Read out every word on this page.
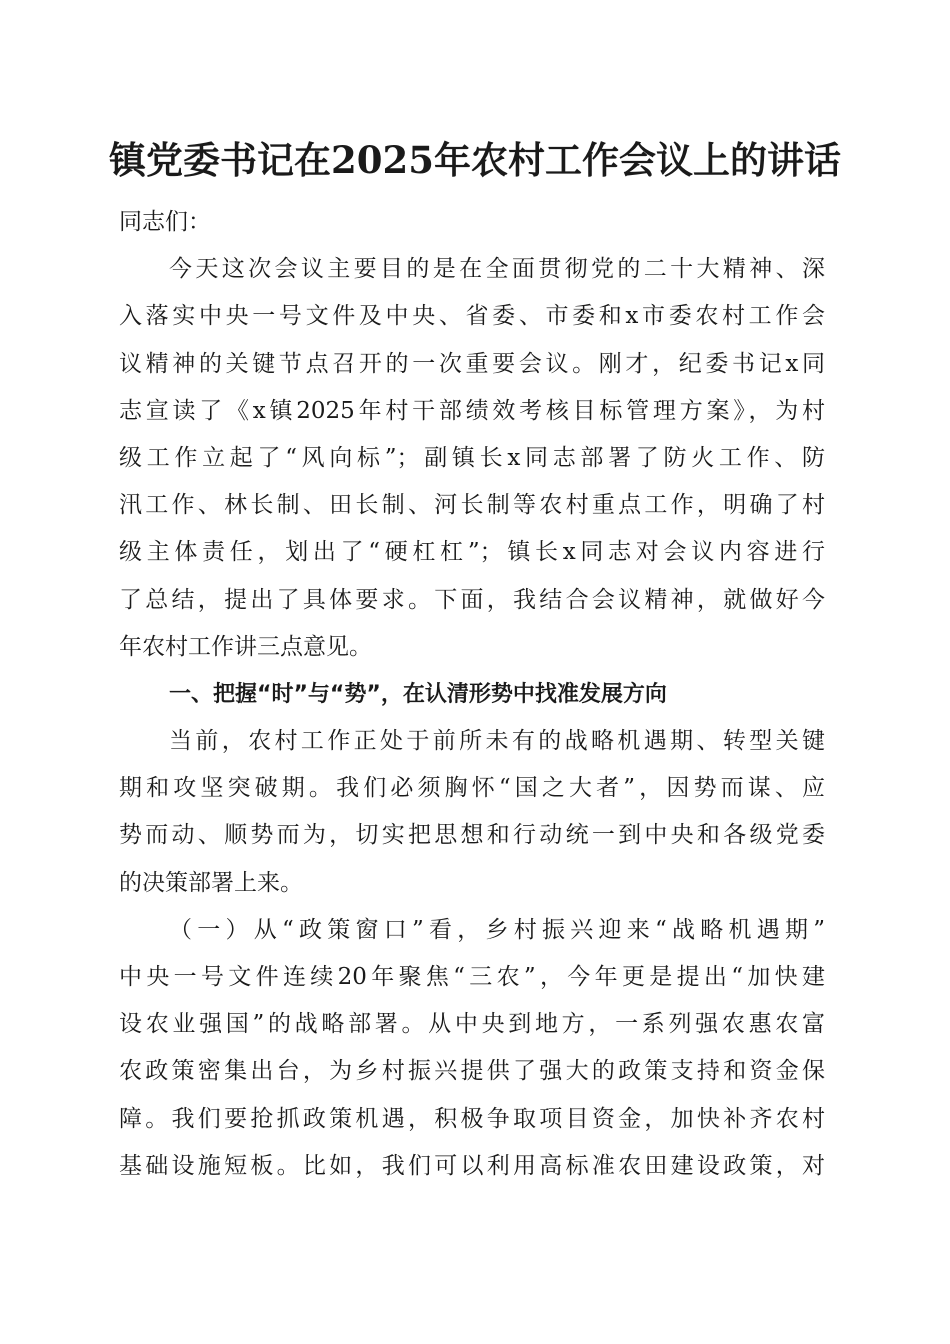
镇党委书记在2025年农村工作会议上的讲话
同志们：
今天这次会议主要目的是在全面贯彻党的二十大精神、深
入落实中央一号文件及中央、省委、市委和x市委农村工作会
议精神的关键节点召开的一次重要会议。刚才，纪委书记x同
志宣读了《x镇2025年村干部绩效考核目标管理方案》，为村
级工作立起了“风向标”；副镇长x同志部署了防火工作、防
汛工作、林长制、田长制、河长制等农村重点工作，明确了村
级主体责任，划出了“硬杠杠”；镇长x同志对会议内容进行
了总结，提出了具体要求。下面，我结合会议精神，就做好今
年农村工作讲三点意见。
一、把握“时”与“势”，在认清形势中找准发展方向
当前，农村工作正处于前所未有的战略机遇期、转型关键
期和攻坚突破期。我们必须胸怀“国之大者”，因势而谋、应
势而动、顺势而为，切实把思想和行动统一到中央和各级党委
的决策部署上来。
（一）从“政策窗口”看，乡村振兴迎来“战略机遇期”
中央一号文件连续20年聚焦“三农”，今年更是提出“加快建
设农业强国”的战略部署。从中央到地方，一系列强农惠农富
农政策密集出台，为乡村振兴提供了强大的政策支持和资金保
障。我们要抢抓政策机遇，积极争取项目资金，加快补齐农村
基础设施短板。比如，我们可以利用高标准农田建设政策，对
